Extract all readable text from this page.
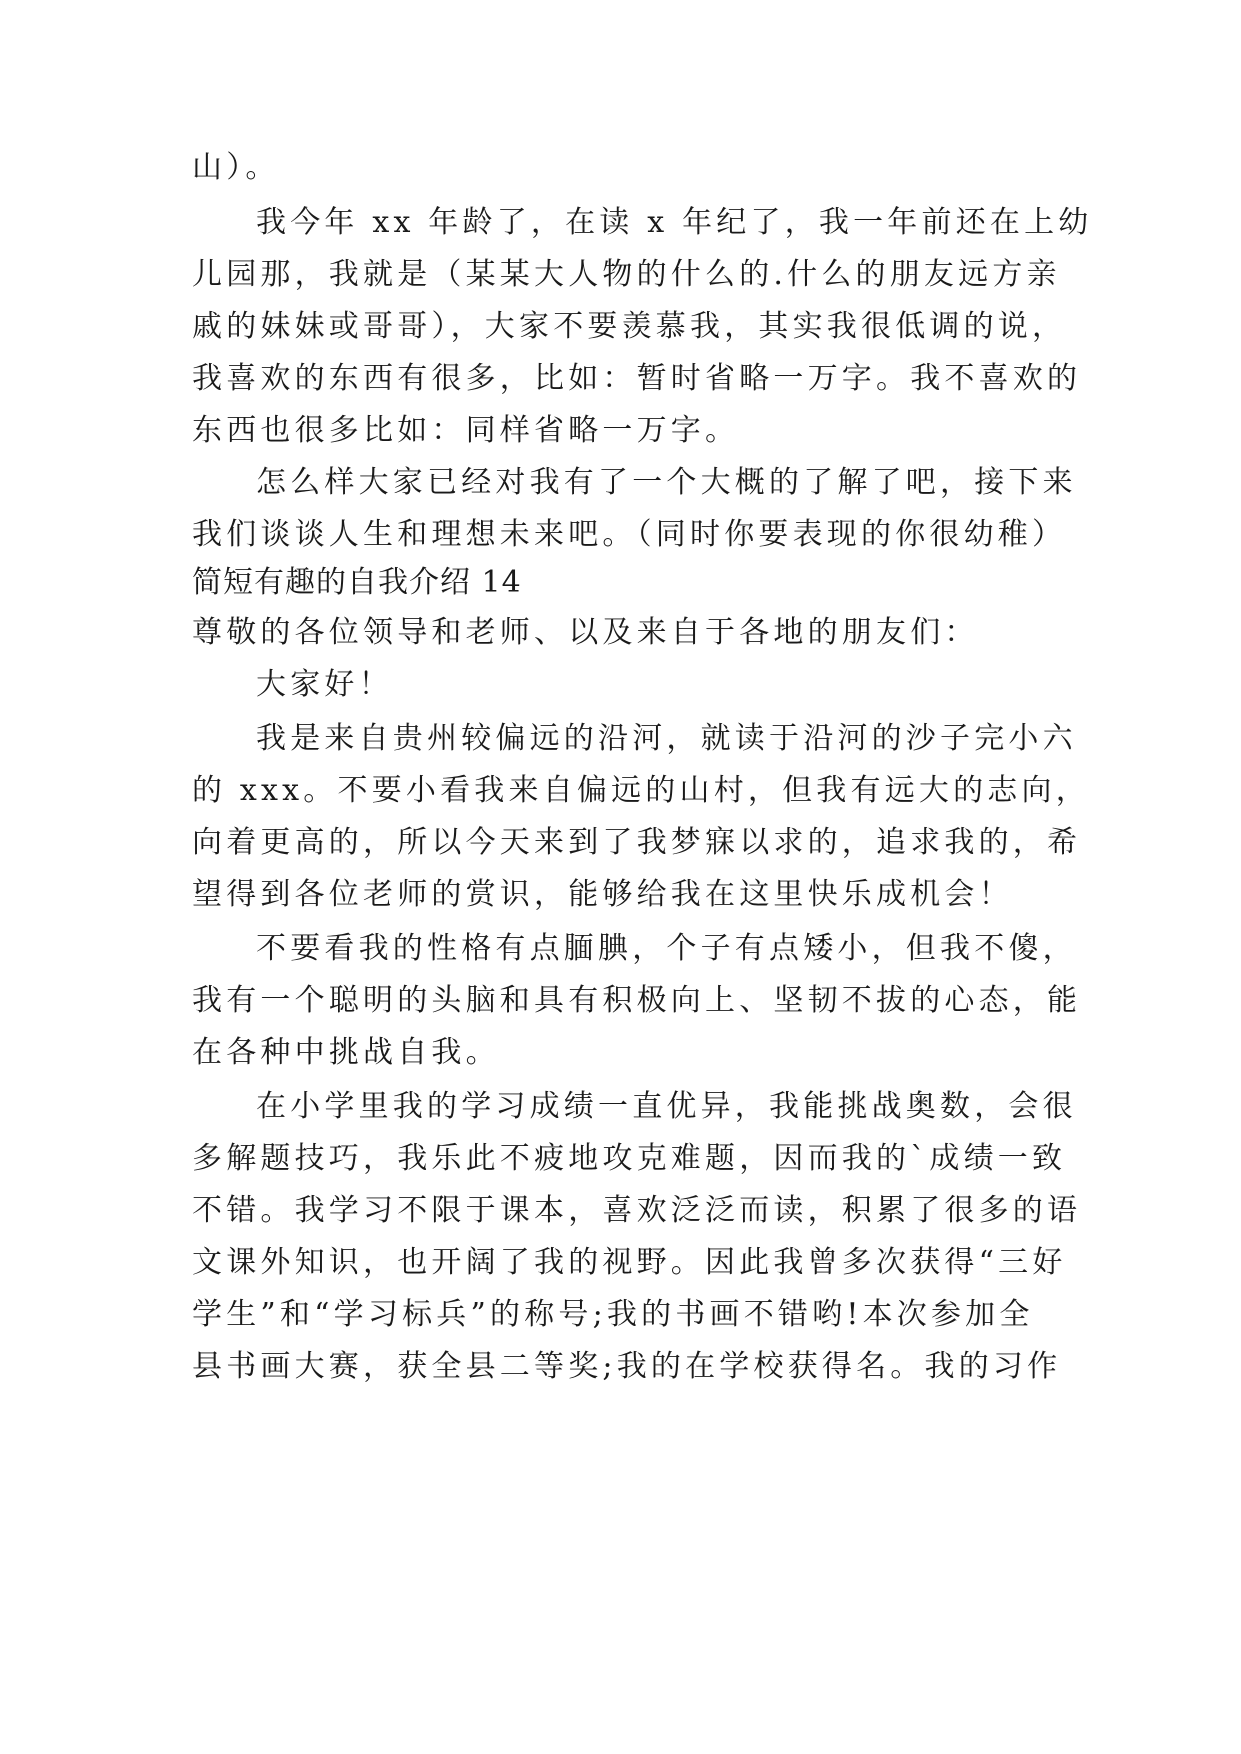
山）。
我今年 xx 年龄了，在读 x 年纪了，我一年前还在上幼
儿园那，我就是（某某大人物的什么的.什么的朋友远方亲
戚的妹妹或哥哥），大家不要羡慕我，其实我很低调的说，
我喜欢的东西有很多，比如：暂时省略一万字。我不喜欢的
东西也很多比如：同样省略一万字。
怎么样大家已经对我有了一个大概的了解了吧，接下来
我们谈谈人生和理想未来吧。（同时你要表现的你很幼稚）
简短有趣的自我介绍 14
尊敬的各位领导和老师、以及来自于各地的朋友们：
大家好！
我是来自贵州较偏远的沿河，就读于沿河的沙子完小六
的 xxx。不要小看我来自偏远的山村，但我有远大的志向，
向着更高的，所以今天来到了我梦寐以求的，追求我的，希
望得到各位老师的赏识，能够给我在这里快乐成机会！
不要看我的性格有点腼腆，个子有点矮小，但我不傻，
我有一个聪明的头脑和具有积极向上、坚韧不拔的心态，能
在各种中挑战自我。
在小学里我的学习成绩一直优异，我能挑战奥数，会很
多解题技巧，我乐此不疲地攻克难题，因而我的`成绩一致
不错。我学习不限于课本，喜欢泛泛而读，积累了很多的语
文课外知识，也开阔了我的视野。因此我曾多次获得“三好
学生”和“学习标兵”的称号;我的书画不错哟!本次参加全
县书画大赛，获全县二等奖;我的在学校获得名。我的习作
